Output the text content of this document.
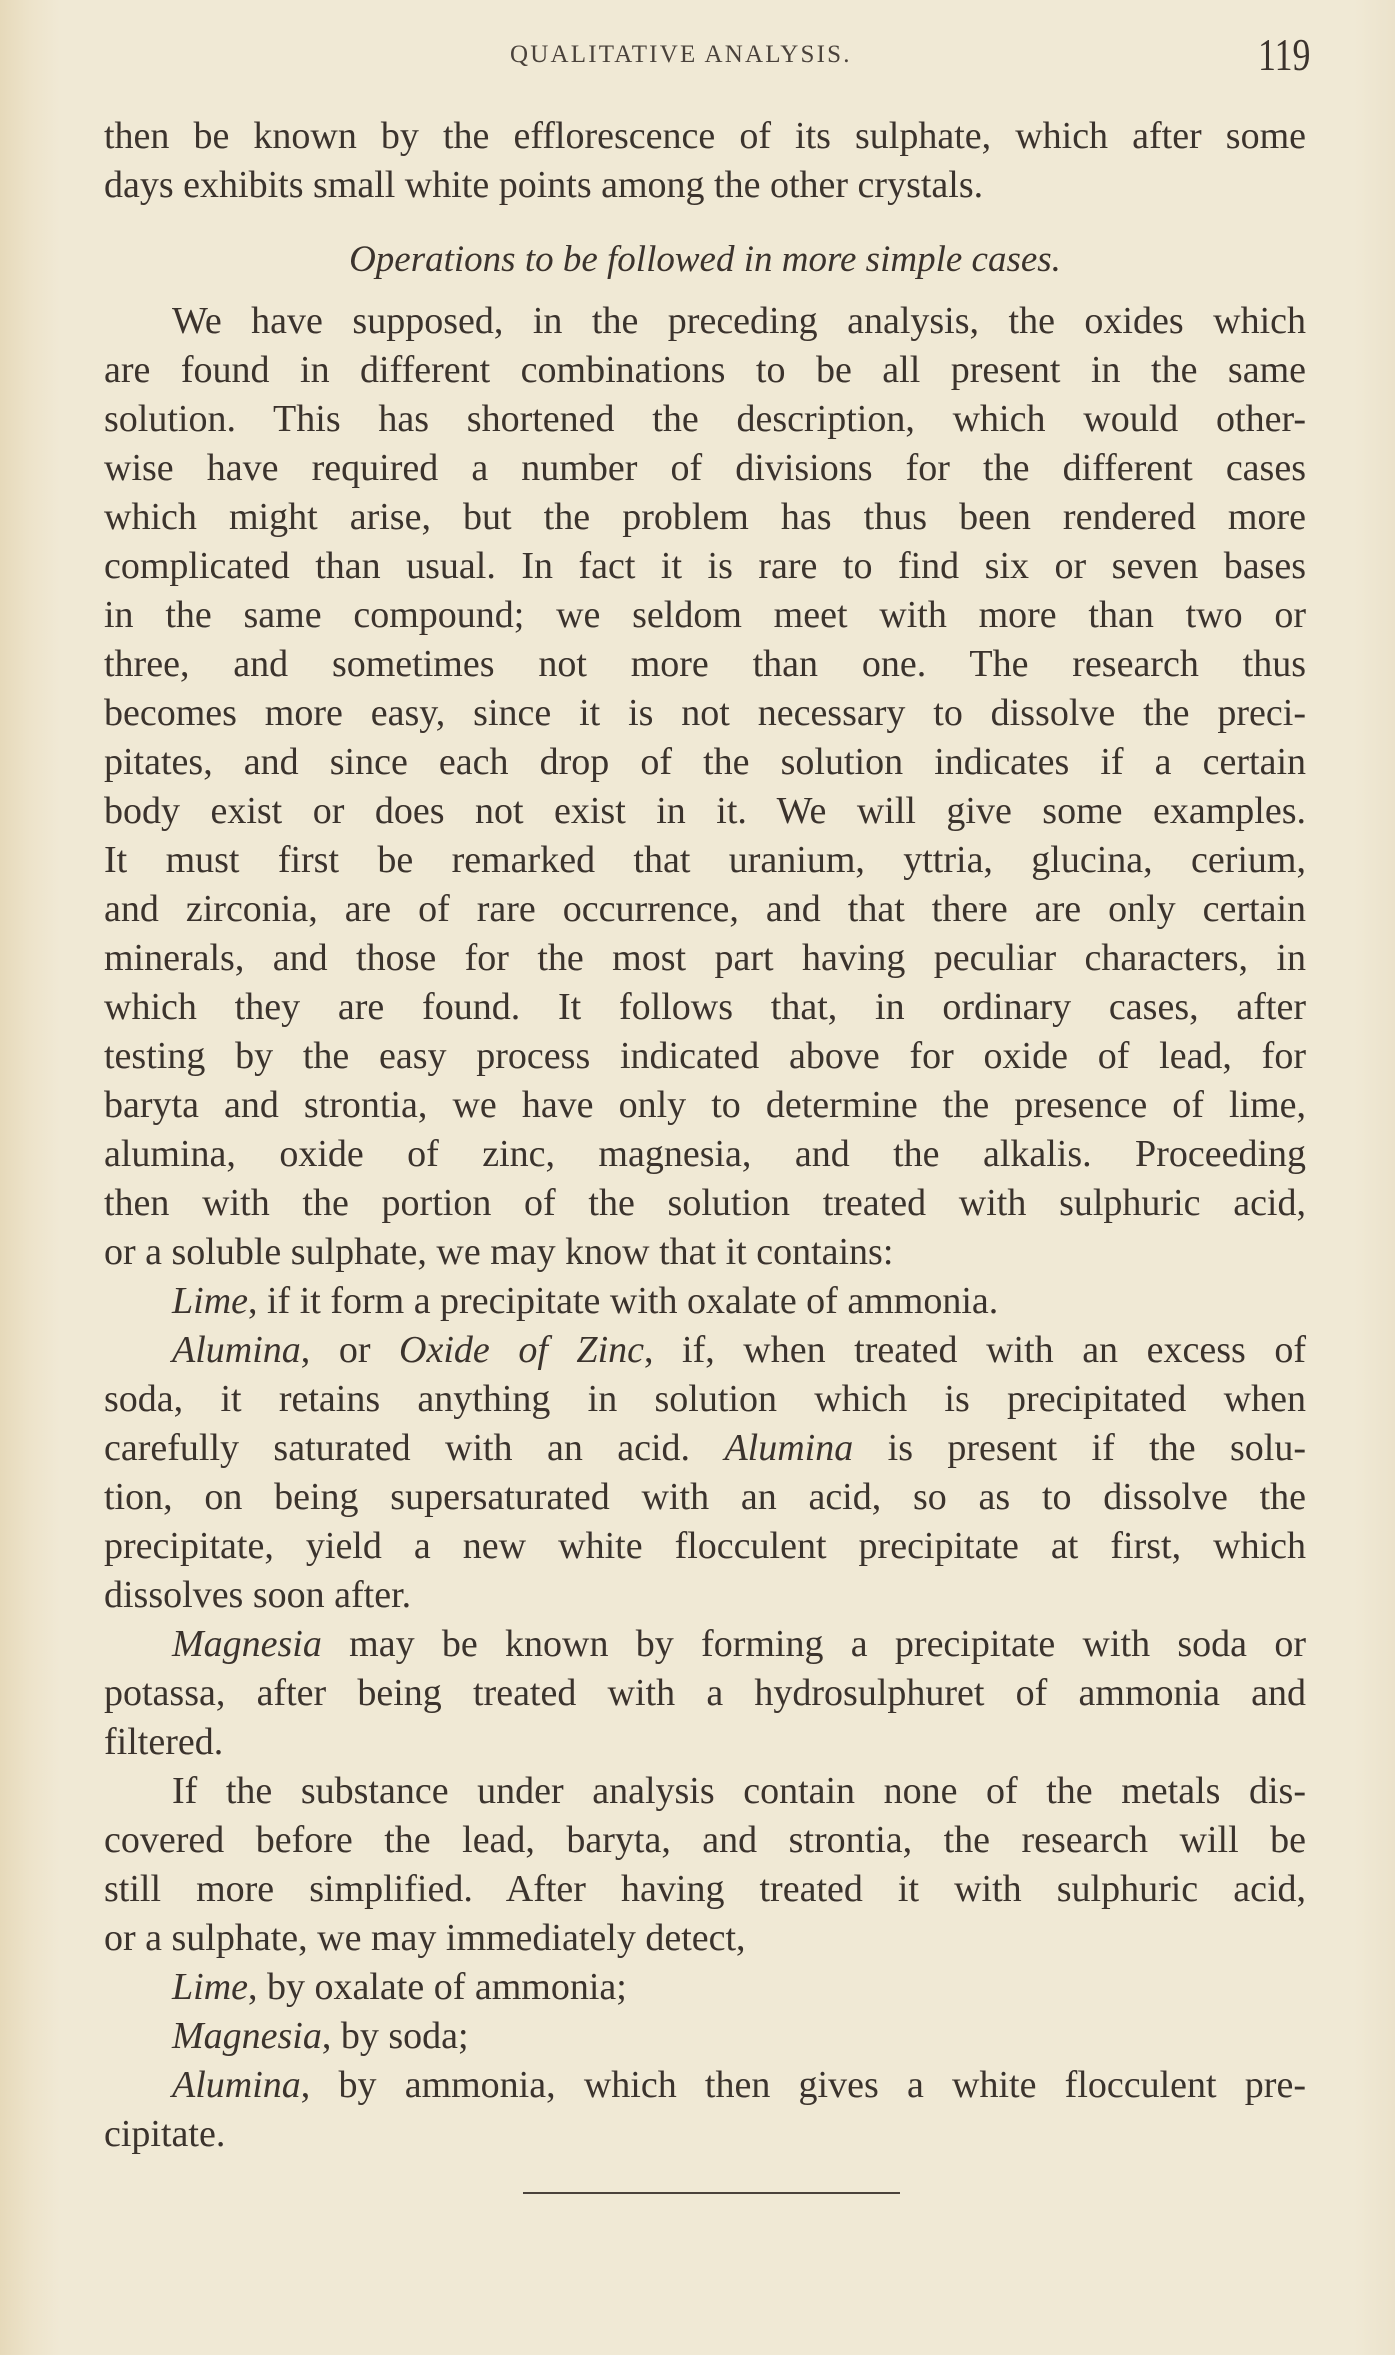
QUALITATIVE ANALYSIS.	119
then be known by the efflorescence of its sulphate, which after some
days exhibits small white points among the other crystals.
Operations to be followed in more simple cases.
We have supposed, in the preceding analysis, the oxides which
are found in different combinations to be all present in the same
solution. This has shortened the description, which would other-
wise have required a number of divisions for the different cases
which might arise, but the problem has thus been rendered more
complicated than usual. In fact it is rare to find six or seven bases
in the same compound; we seldom meet with more than two or
three, and sometimes not more than one. The research thus
becomes more easy, since it is not necessary to dissolve the preci-
pitates, and since each drop of the solution indicates if a certain
body exist or does not exist in it. We will give some examples.
It must first be remarked that uranium, yttria, glucina, cerium,
and zirconia, are of rare occurrence, and that there are only certain
minerals, and those for the most part having peculiar characters, in
which they are found. It follows that, in ordinary cases, after
testing by the easy process indicated above for oxide of lead, for
baryta and strontia, we have only to determine the presence of lime,
alumina, oxide of zinc, magnesia, and the alkalis. Proceeding
then with the portion of the solution treated with sulphuric acid,
or a soluble sulphate, we may know that it contains:
Lime, if it form a precipitate with oxalate of ammonia.
Alumina, or Oxide of Zinc, if, when treated with an excess of
soda, it retains anything in solution which is precipitated when
carefully saturated with an acid. Alumina is present if the solu-
tion, on being supersaturated with an acid, so as to dissolve the
precipitate, yield a new white flocculent precipitate at first, which
dissolves soon after.
Magnesia may be known by forming a precipitate with soda or
potassa, after being treated with a hydrosulphuret of ammonia and
filtered.
If the substance under analysis contain none of the metals dis-
covered before the lead, baryta, and strontia, the research will be
still more simplified. After having treated it with sulphuric acid,
or a sulphate, we may immediately detect,
Lime, by oxalate of ammonia;
Magnesia, by soda;
Alumina, by ammonia, which then gives a white flocculent pre-
cipitate.
